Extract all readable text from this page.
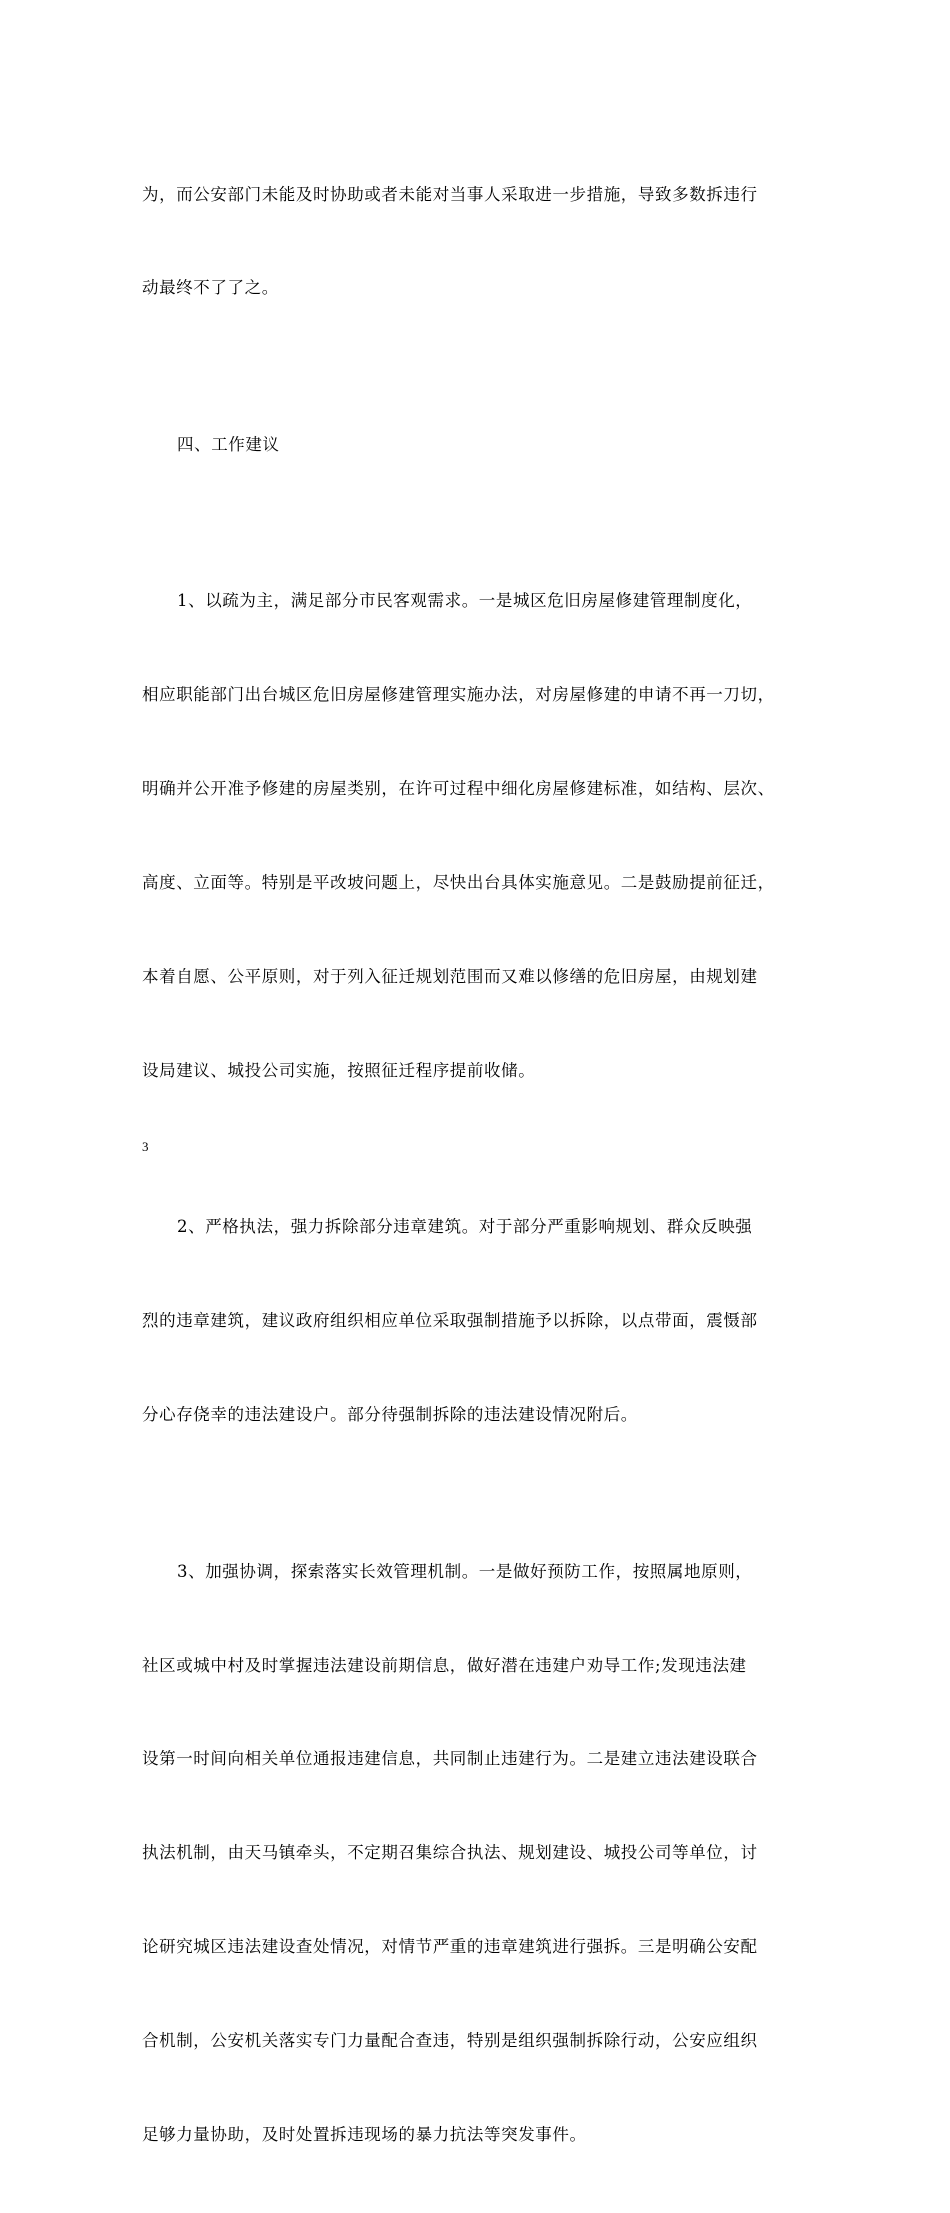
为，而公安部门未能及时协助或者未能对当事人采取进一步措施，导致多数拆违行

动最终不了了之。

四、工作建议

1、以疏为主，满足部分市民客观需求。一是城区危旧房屋修建管理制度化，

相应职能部门出台城区危旧房屋修建管理实施办法，对房屋修建的申请不再一刀切，

明确并公开准予修建的房屋类别，在许可过程中细化房屋修建标准，如结构、层次、

高度、立面等。特别是平改坡问题上，尽快出台具体实施意见。二是鼓励提前征迁，

本着自愿、公平原则，对于列入征迁规划范围而又难以修缮的危旧房屋，由规划建

设局建议、城投公司实施，按照征迁程序提前收储。

2、严格执法，强力拆除部分违章建筑。对于部分严重影响规划、群众反映强

烈的违章建筑，建议政府组织相应单位采取强制措施予以拆除，以点带面，震慑部

分心存侥幸的违法建设户。部分待强制拆除的违法建设情况附后。

3、加强协调，探索落实长效管理机制。一是做好预防工作，按照属地原则，

社区或城中村及时掌握违法建设前期信息，做好潜在违建户劝导工作;发现违法建

设第一时间向相关单位通报违建信息，共同制止违建行为。二是建立违法建设联合

执法机制，由天马镇牵头，不定期召集综合执法、规划建设、城投公司等单位，讨

论研究城区违法建设查处情况，对情节严重的违章建筑进行强拆。三是明确公安配

合机制，公安机关落实专门力量配合查违，特别是组织强制拆除行动，公安应组织

足够力量协助，及时处置拆违现场的暴力抗法等突发事件。

3
